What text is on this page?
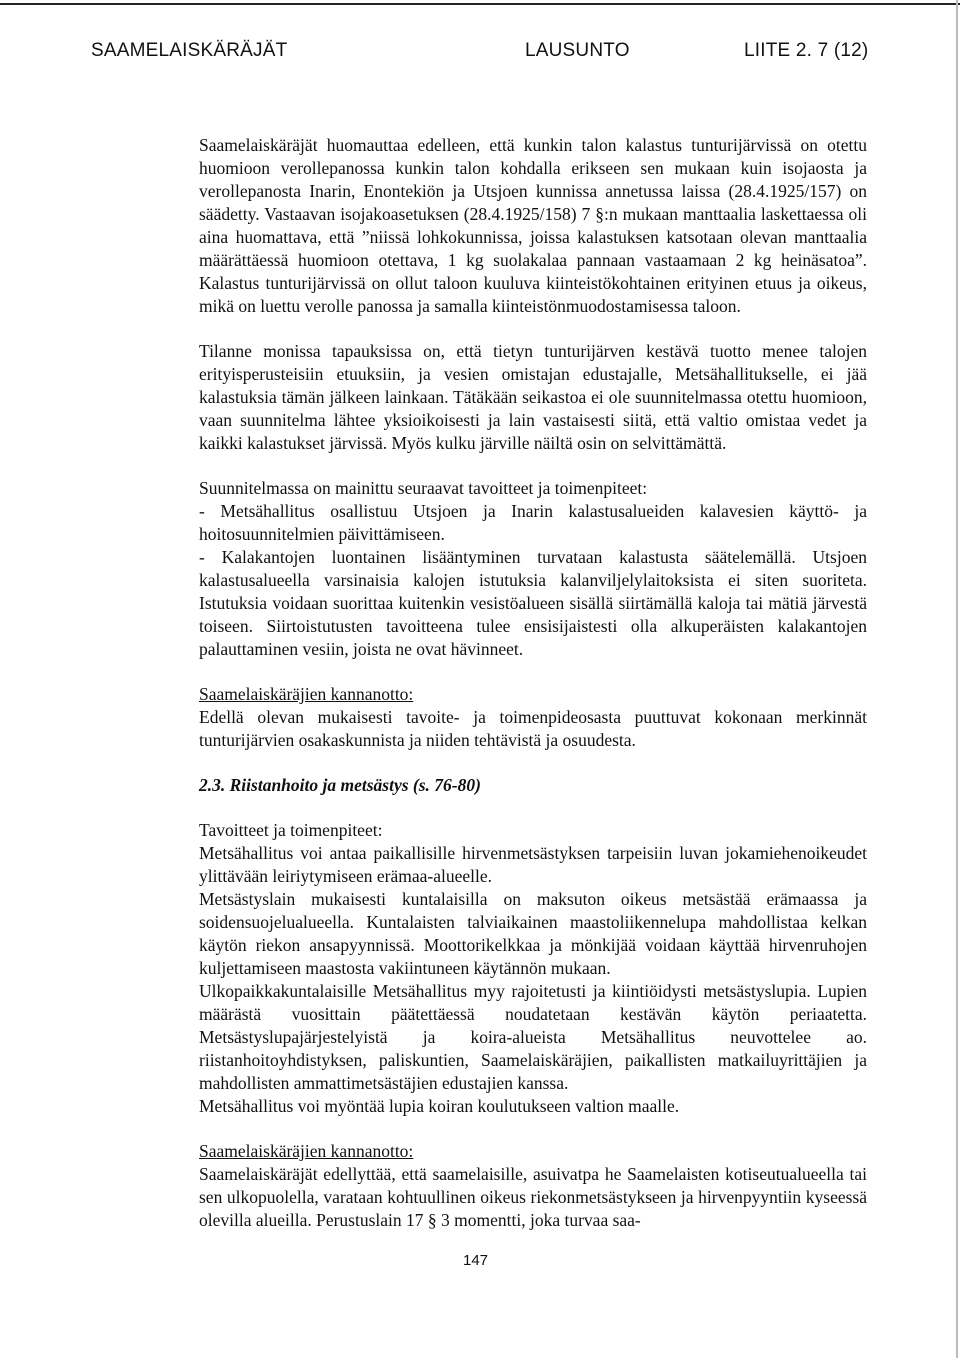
SAAMELAISKÄRÄJÄT	LAUSUNTO	LIITE 2. 7 (12)

Saamelaiskäräjät huomauttaa edelleen, että kunkin talon kalastus tunturijärvissä on otettu huomioon verollepanossa kunkin talon kohdalla erikseen sen mukaan kuin isojaosta ja verollepanosta Inarin, Enontekiön ja Utsjoen kunnissa annetussa laissa (28.4.1925/157) on säädetty. Vastaavan isojakoasetuksen (28.4.1925/158) 7 §:n mukaan manttaalia laskettaessa oli aina huomattava, että ”niissä lohkokunnissa, joissa kalastuksen katsotaan olevan manttaalia määrättäessä huomioon otettava, 1 kg suolakalaa pannaan vastaamaan 2 kg heinäsatoa”. Kalastus tunturijärvissä on ollut taloon kuuluva kiinteistökohtainen erityinen etuus ja oikeus, mikä on luettu verolle panossa ja samalla kiinteistönmuodostamisessa taloon.

Tilanne monissa tapauksissa on, että tietyn tunturijärven kestävä tuotto menee talojen erityisperusteisiin etuuksiin, ja vesien omistajan edustajalle, Metsähallitukselle, ei jää kalastuksia tämän jälkeen lainkaan. Tätäkään seikastoa ei ole suunnitelmassa otettu huomioon, vaan suunnitelma lähtee yksioikoisesti ja lain vastaisesti siitä, että valtio omistaa vedet ja kaikki kalastukset järvissä. Myös kulku järville näiltä osin on selvittämättä.

Suunnitelmassa on mainittu seuraavat tavoitteet ja toimenpiteet:
- Metsähallitus osallistuu Utsjoen ja Inarin kalastusalueiden kalavesien käyttö- ja hoitosuunnitelmien päivittämiseen.
- Kalakantojen luontainen lisääntyminen turvataan kalastusta säätelemällä. Utsjoen kalastusalueella varsinaisia kalojen istutuksia kalanviljelylaitoksista ei siten suoriteta. Istutuksia voidaan suorittaa kuitenkin vesistöalueen sisällä siirtämällä kaloja tai mätiä järvestä toiseen. Siirtoistutusten tavoitteena tulee ensisijaistesti olla alkuperäisten kalakantojen palauttaminen vesiin, joista ne ovat hävinneet.
Saamelaiskäräjien kannanotto:
Edellä olevan mukaisesti tavoite- ja toimenpideosasta puuttuvat kokonaan merkinnät tunturijärvien osakaskunnista ja niiden tehtävistä ja osuudesta.
2.3. Riistanhoito ja metsästys (s. 76-80)
Tavoitteet ja toimenpiteet:
Metsähallitus voi antaa paikallisille hirvenmetsästyksen tarpeisiin luvan jokamiehenoikeudet ylittävään leiriytymiseen erämaa-alueelle.
Metsästyslain mukaisesti kuntalaisilla on maksuton oikeus metsästää erämaassa ja soidensuojelualueella. Kuntalaisten talviaikainen maastoliikennelupa mahdollistaa kelkan käytön riekon ansapyynnissä. Moottorikelkkaa ja mönkijää voidaan käyttää hirvenruhojen kuljettamiseen maastosta vakiintuneen käytännön mukaan.
Ulkopaikkakuntalaisille Metsähallitus myy rajoitetusti ja kiintiöidysti metsästyslupia. Lupien määrästä vuosittain päätettäessä noudatetaan kestävän käytön periaatetta. Metsästyslupajärjestelyistä ja koira-alueista Metsähallitus neuvottelee ao. riistanhoitoyhdistyksen, paliskuntien, Saamelaiskäräjien, paikallisten matkailuyrittäjien ja mahdollisten ammattimetsästäjien edustajien kanssa.
Metsähallitus voi myöntää lupia koiran koulutukseen valtion maalle.
Saamelaiskäräjien kannanotto:
Saamelaiskäräjät edellyttää, että saamelaisille, asuivatpa he Saamelaisten kotiseutualueella tai sen ulkopuolella, varataan kohtuullinen oikeus riekonmetsästykseen ja hirvenpyyntiin kyseessä olevilla alueilla. Perustuslain 17 § 3 momentti, joka turvaa saa-
147
